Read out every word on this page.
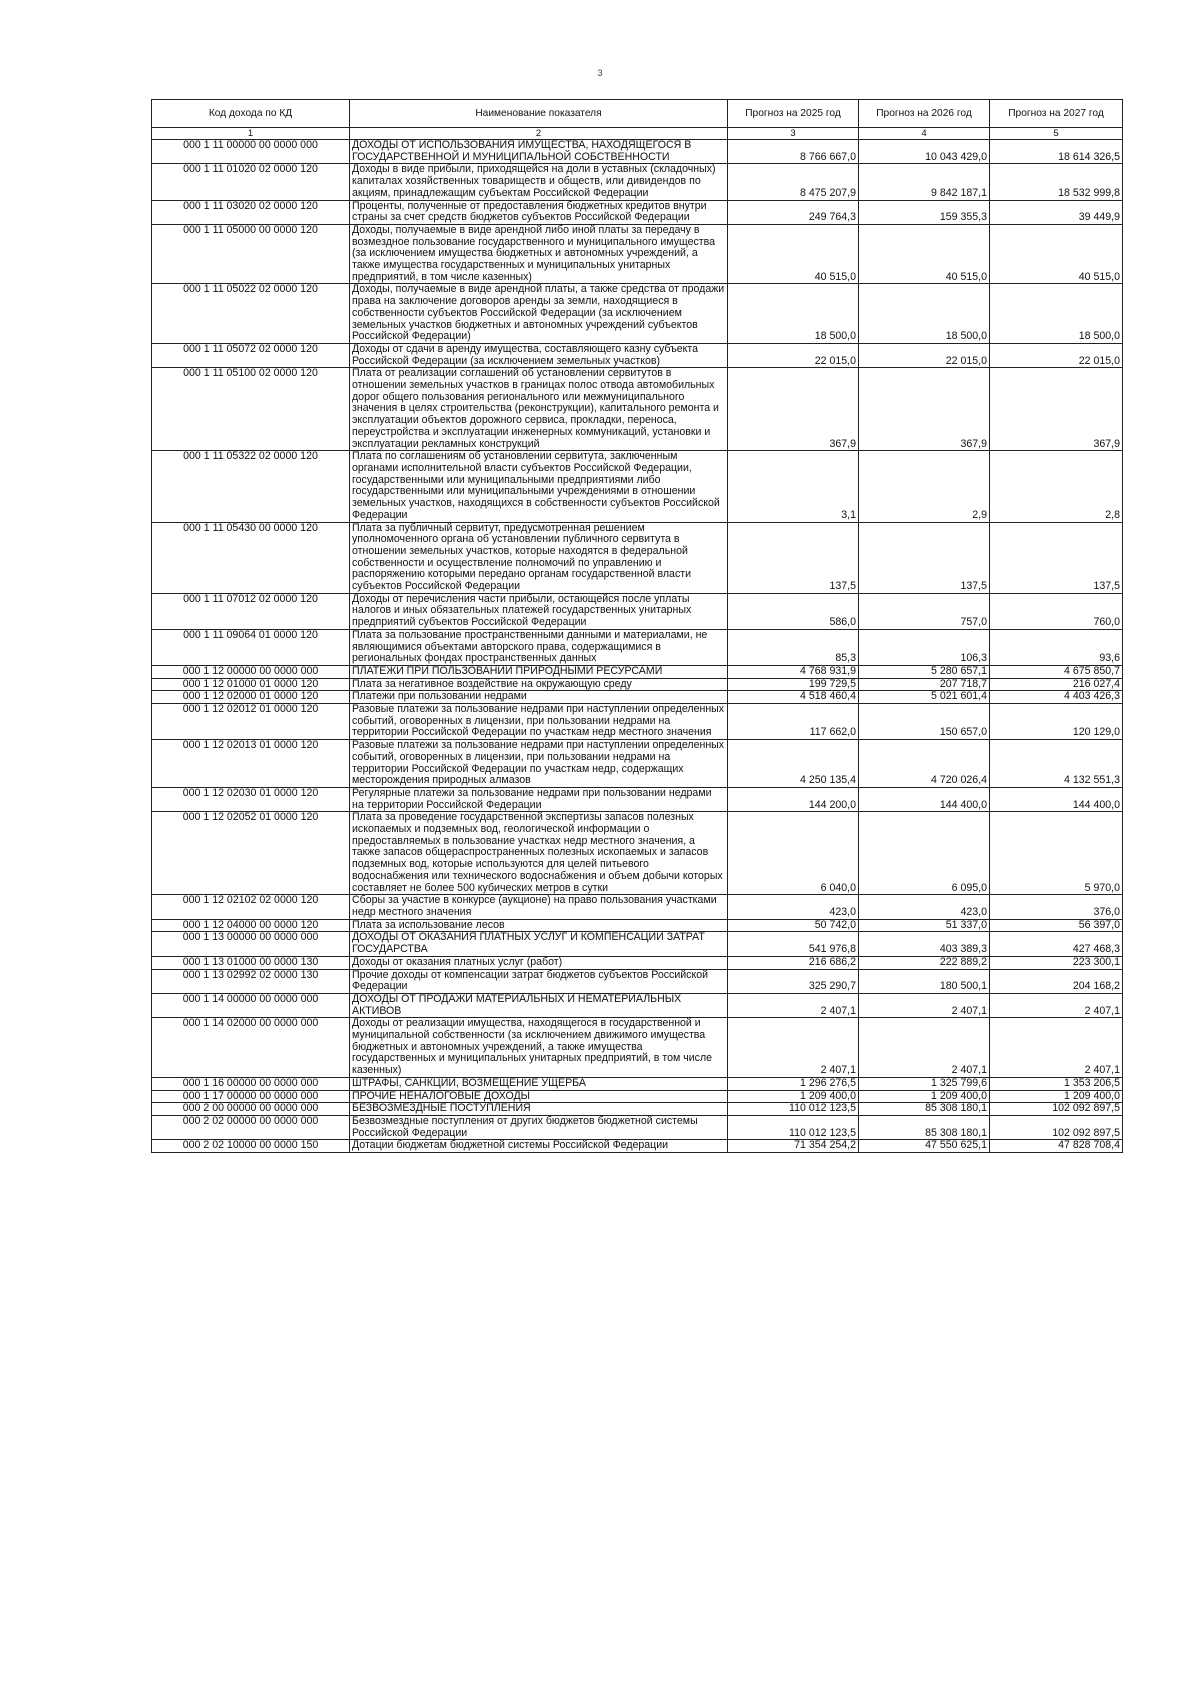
3
Код дохода по КД	Наименование показателя	Прогноз на 2025 год	Прогноз на 2026 год	Прогноз на 2027 год
1	2	3	4	5
000 1 11 00000 00 0000 000	ДОХОДЫ ОТ ИСПОЛЬЗОВАНИЯ ИМУЩЕСТВА, НАХОДЯЩЕГОСЯ В ГОСУДАРСТВЕННОЙ И МУНИЦИПАЛЬНОЙ СОБСТВЕННОСТИ	8 766 667,0	10 043 429,0	18 614 326,5
000 1 11 01020 02 0000 120	Доходы в виде прибыли, приходящейся на доли в уставных (складочных) капиталах хозяйственных товариществ и обществ, или дивидендов по акциям, принадлежащим субъектам Российской Федерации	8 475 207,9	9 842 187,1	18 532 999,8
000 1 11 03020 02 0000 120	Проценты, полученные от предоставления бюджетных кредитов внутри страны за счет средств бюджетов субъектов Российской Федерации	249 764,3	159 355,3	39 449,9
000 1 11 05000 00 0000 120	Доходы, получаемые в виде арендной либо иной платы за передачу в возмездное пользование государственного и муниципального имущества (за исключением имущества бюджетных и автономных учреждений, а также имущества государственных и муниципальных унитарных предприятий, в том числе казенных)	40 515,0	40 515,0	40 515,0
000 1 11 05022 02 0000 120	Доходы, получаемые в виде арендной платы, а также средства от продажи права на заключение договоров аренды за земли, находящиеся в собственности субъектов Российской Федерации (за исключением земельных участков бюджетных и автономных учреждений субъектов Российской Федерации)	18 500,0	18 500,0	18 500,0
000 1 11 05072 02 0000 120	Доходы от сдачи в аренду имущества, составляющего казну субъекта Российской Федерации (за исключением земельных участков)	22 015,0	22 015,0	22 015,0
000 1 11 05100 02 0000 120	Плата от реализации соглашений об установлении сервитутов в отношении земельных участков в границах полос отвода автомобильных дорог общего пользования регионального или межмуниципального значения в целях строительства (реконструкции), капитального ремонта и эксплуатации объектов дорожного сервиса, прокладки, переноса, переустройства и эксплуатации инженерных коммуникаций, установки и эксплуатации рекламных конструкций	367,9	367,9	367,9
000 1 11 05322 02 0000 120	Плата по соглашениям об установлении сервитута, заключенным органами исполнительной власти субъектов Российской Федерации, государственными или муниципальными предприятиями либо государственными или муниципальными учреждениями в отношении земельных участков, находящихся в собственности субъектов Российской Федерации	3,1	2,9	2,8
000 1 11 05430 00 0000 120	Плата за публичный сервитут, предусмотренная решением уполномоченного органа об установлении публичного сервитута в отношении земельных участков, которые находятся в федеральной собственности и осуществление полномочий по управлению и распоряжению которыми передано органам государственной власти субъектов Российской Федерации	137,5	137,5	137,5
000 1 11 07012 02 0000 120	Доходы от перечисления части прибыли, остающейся после уплаты налогов и иных обязательных платежей государственных унитарных предприятий субъектов Российской Федерации	586,0	757,0	760,0
000 1 11 09064 01 0000 120	Плата за пользование пространственными данными и материалами, не являющимися объектами авторского права, содержащимися в региональных фондах пространственных данных	85,3	106,3	93,6
000 1 12 00000 00 0000 000	ПЛАТЕЖИ ПРИ ПОЛЬЗОВАНИИ ПРИРОДНЫМИ РЕСУРСАМИ	4 768 931,9	5 280 657,1	4 675 850,7
000 1 12 01000 01 0000 120	Плата за негативное воздействие на окружающую среду	199 729,5	207 718,7	216 027,4
000 1 12 02000 01 0000 120	Платежи при пользовании недрами	4 518 460,4	5 021 601,4	4 403 426,3
000 1 12 02012 01 0000 120	Разовые платежи за пользование недрами при наступлении определенных событий, оговоренных в лицензии, при пользовании недрами на территории Российской Федерации по участкам недр местного значения	117 662,0	150 657,0	120 129,0
000 1 12 02013 01 0000 120	Разовые платежи за пользование недрами при наступлении определенных событий, оговоренных в лицензии, при пользовании недрами на территории Российской Федерации по участкам недр, содержащих месторождения природных алмазов	4 250 135,4	4 720 026,4	4 132 551,3
000 1 12 02030 01 0000 120	Регулярные платежи за пользование недрами при пользовании недрами на территории Российской Федерации	144 200,0	144 400,0	144 400,0
000 1 12 02052 01 0000 120	Плата за проведение государственной экспертизы запасов полезных ископаемых и подземных вод, геологической информации о предоставляемых в пользование участках недр местного значения, а также запасов общераспространенных полезных ископаемых и запасов подземных вод, которые используются для целей питьевого водоснабжения или технического водоснабжения и объем добычи которых составляет не более 500 кубических метров в сутки	6 040,0	6 095,0	5 970,0
000 1 12 02102 02 0000 120	Сборы за участие в конкурсе (аукционе) на право пользования участками недр местного значения	423,0	423,0	376,0
000 1 12 04000 00 0000 120	Плата за использование лесов	50 742,0	51 337,0	56 397,0
000 1 13 00000 00 0000 000	ДОХОДЫ ОТ ОКАЗАНИЯ ПЛАТНЫХ УСЛУГ И КОМПЕНСАЦИИ ЗАТРАТ ГОСУДАРСТВА	541 976,8	403 389,3	427 468,3
000 1 13 01000 00 0000 130	Доходы от оказания платных услуг (работ)	216 686,2	222 889,2	223 300,1
000 1 13 02992 02 0000 130	Прочие доходы от компенсации затрат бюджетов субъектов Российской Федерации	325 290,7	180 500,1	204 168,2
000 1 14 00000 00 0000 000	ДОХОДЫ ОТ ПРОДАЖИ МАТЕРИАЛЬНЫХ И НЕМАТЕРИАЛЬНЫХ АКТИВОВ	2 407,1	2 407,1	2 407,1
000 1 14 02000 00 0000 000	Доходы от реализации имущества, находящегося в государственной и муниципальной собственности (за исключением движимого имущества бюджетных и автономных учреждений, а также имущества государственных и муниципальных унитарных предприятий, в том числе казенных)	2 407,1	2 407,1	2 407,1
000 1 16 00000 00 0000 000	ШТРАФЫ, САНКЦИИ, ВОЗМЕЩЕНИЕ УЩЕРБА	1 296 276,5	1 325 799,6	1 353 206,5
000 1 17 00000 00 0000 000	ПРОЧИЕ НЕНАЛОГОВЫЕ ДОХОДЫ	1 209 400,0	1 209 400,0	1 209 400,0
000 2 00 00000 00 0000 000	БЕЗВОЗМЕЗДНЫЕ ПОСТУПЛЕНИЯ	110 012 123,5	85 308 180,1	102 092 897,5
000 2 02 00000 00 0000 000	Безвозмездные поступления от других бюджетов бюджетной системы Российской Федерации	110 012 123,5	85 308 180,1	102 092 897,5
000 2 02 10000 00 0000 150	Дотации бюджетам бюджетной системы Российской Федерации	71 354 254,2	47 550 625,1	47 828 708,4
